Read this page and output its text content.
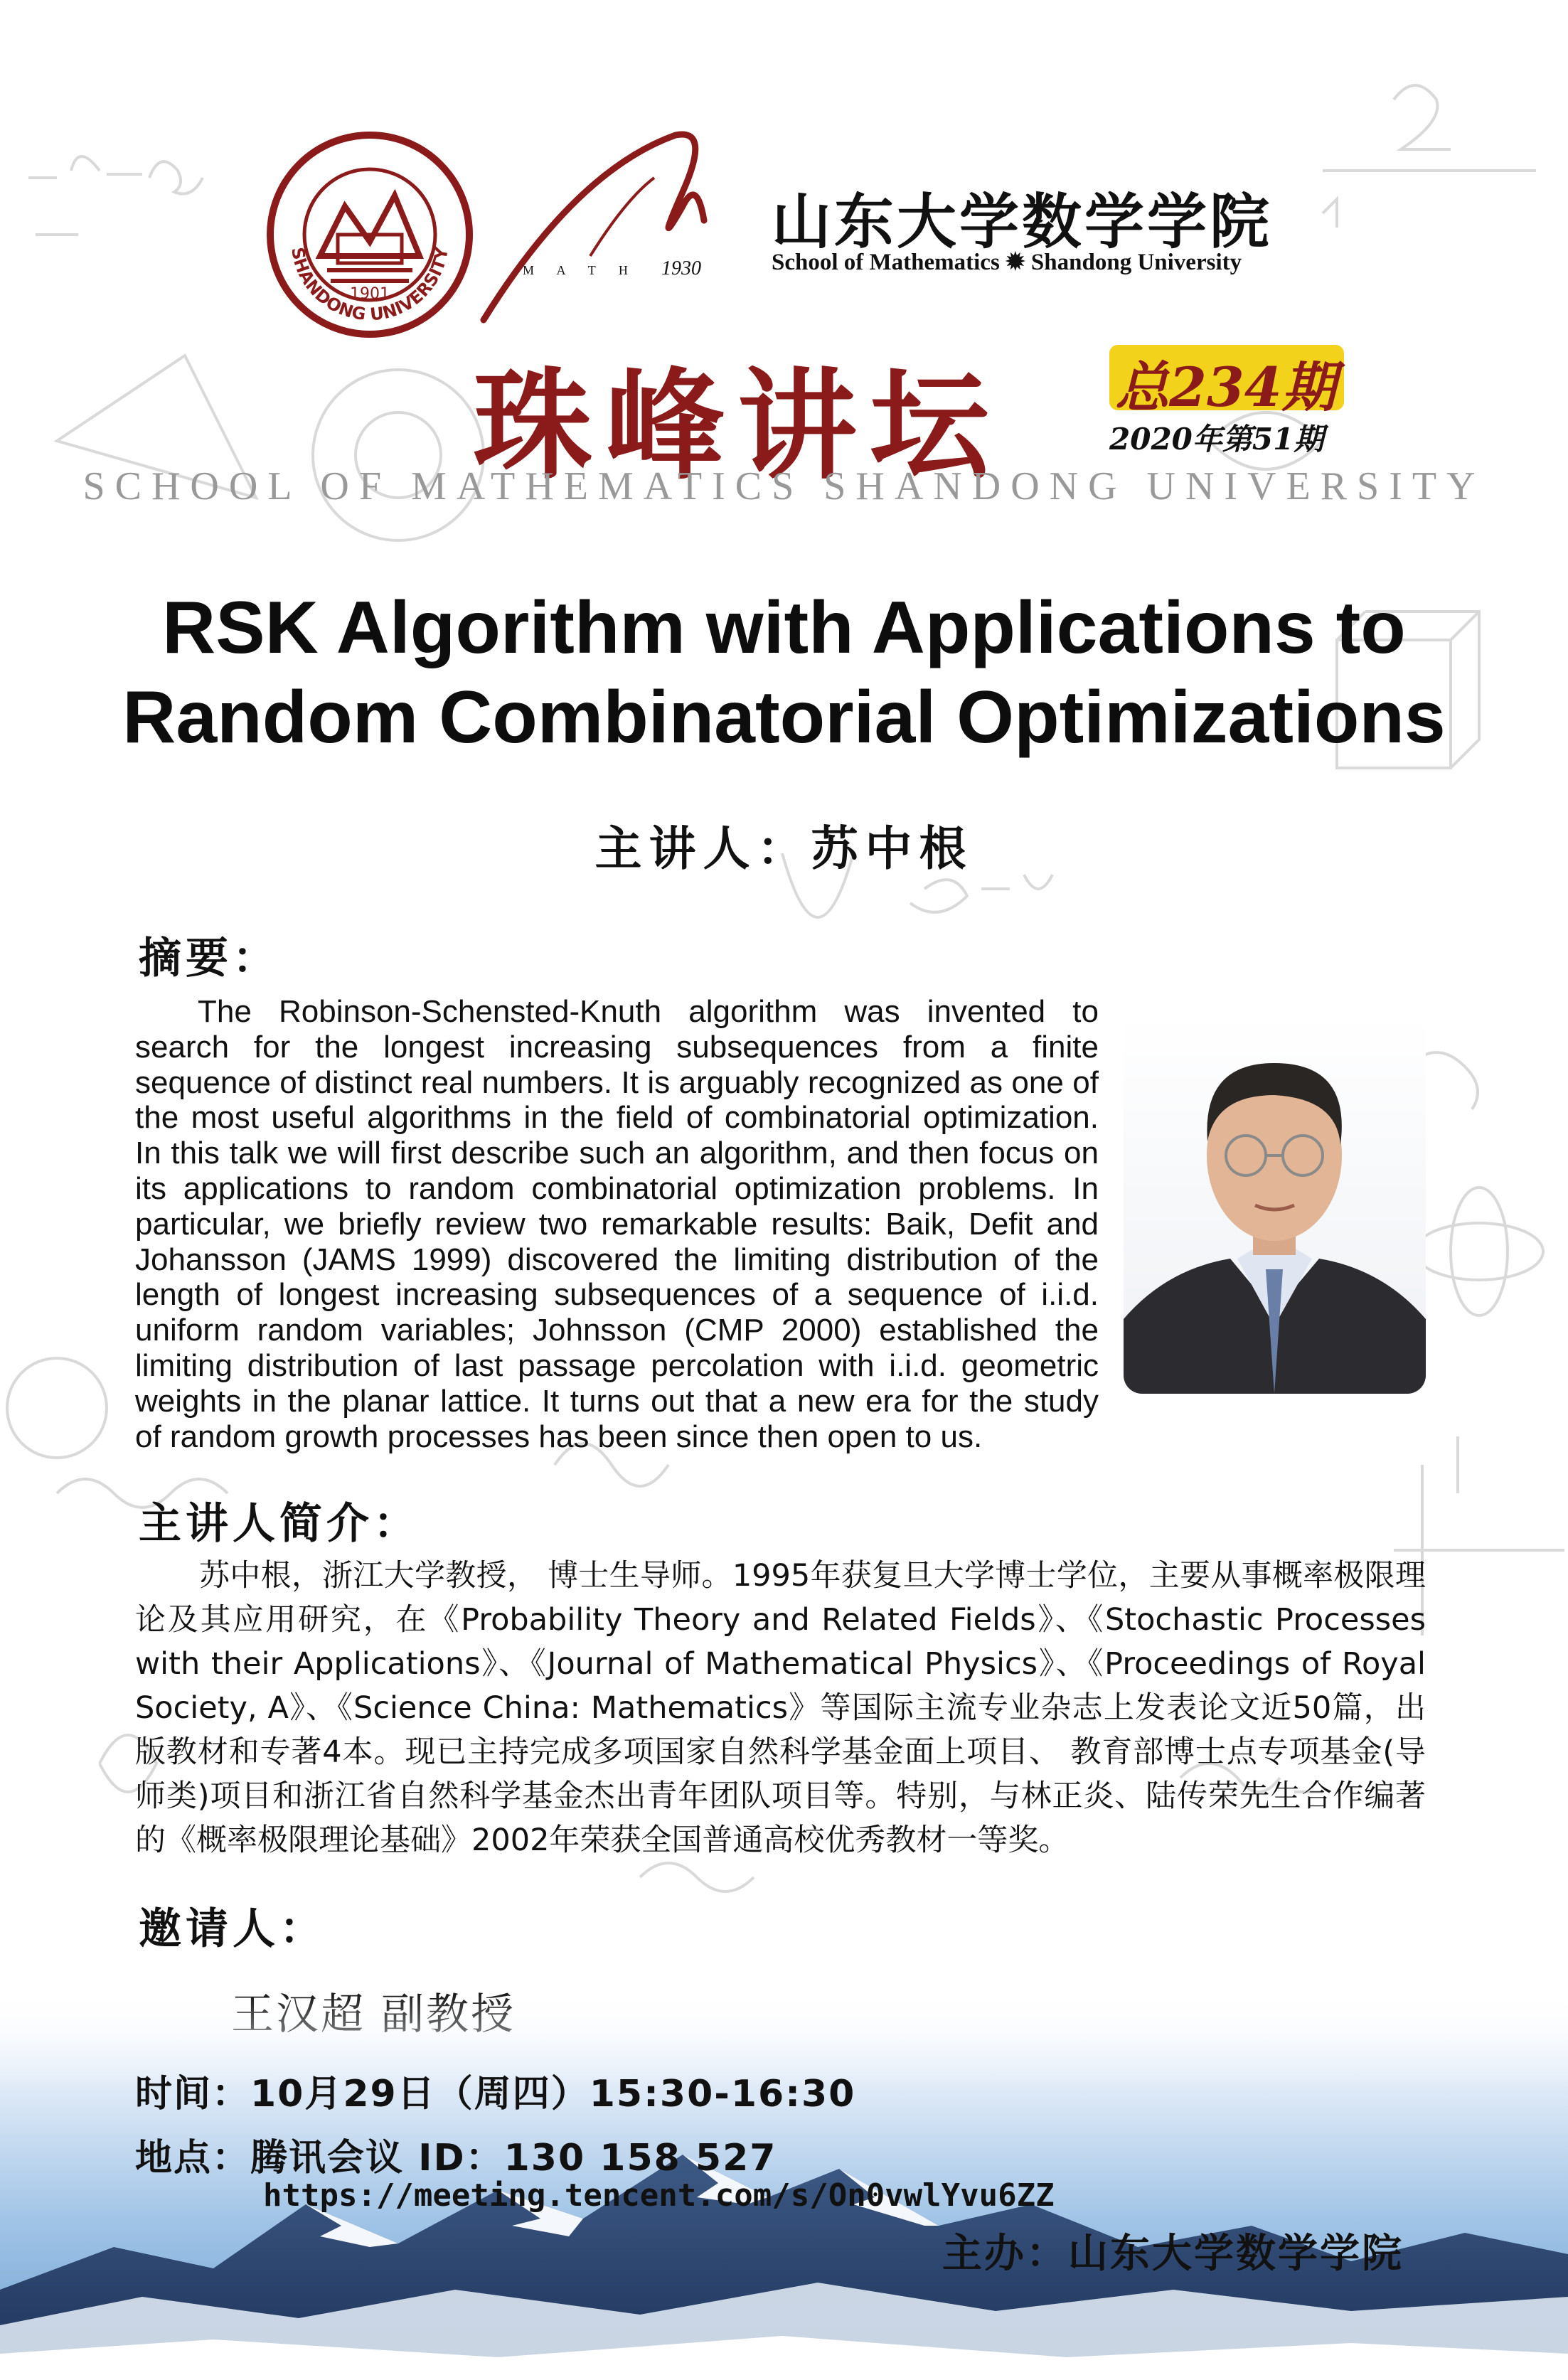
1901
SHANDONG UNIVERSITY
M A T H 1930
山东大学数学学院
School of Mathematics ✹ Shandong University
珠峰讲坛 总234期
2020年第51期
SCHOOL OF MATHEMATICS SHANDONG UNIVERSITY
RSK Algorithm with Applications to Random Combinatorial Optimizations
主讲人：苏中根
摘要：
The Robinson-Schensted-Knuth algorithm was invented to search for the longest increasing subsequences from a finite sequence of distinct real numbers. It is arguably recognized as one of the most useful algorithms in the field of combinatorial optimization. In this talk we will first describe such an algorithm, and then focus on its applications to random combinatorial optimization problems. In particular, we briefly review two remarkable results: Baik, Defit and Johansson (JAMS 1999) discovered the limiting distribution of the length of longest increasing subsequences of a sequence of i.i.d. uniform random variables; Johnsson (CMP 2000) established the limiting distribution of last passage percolation with i.i.d. geometric weights in the planar lattice. It turns out that a new era for the study of random growth processes has been since then open to us.
主讲人简介：
苏中根，浙江大学教授， 博士生导师。1995年获复旦大学博士学位，主要从事概率极限理论及其应用研究，在《Probability Theory and Related Fields》、《Stochastic Processes with their Applications》、《Journal of Mathematical Physics》、《Proceedings of Royal Society, A》、《Science China: Mathematics》等国际主流专业杂志上发表论文近50篇，出版教材和专著4本。现已主持完成多项国家自然科学基金面上项目、 教育部博士点专项基金(导师类)项目和浙江省自然科学基金杰出青年团队项目等。特别，与林正炎、陆传荣先生合作编著的《概率极限理论基础》2002年荣获全国普通高校优秀教材一等奖。
邀请人：
时间：10月29日（周四）15:30-16:30
地点：腾讯会议 ID：130 158 527
https://meeting.tencent.com/s/On0vwlYvu6ZZ
主办：山东大学数学学院
